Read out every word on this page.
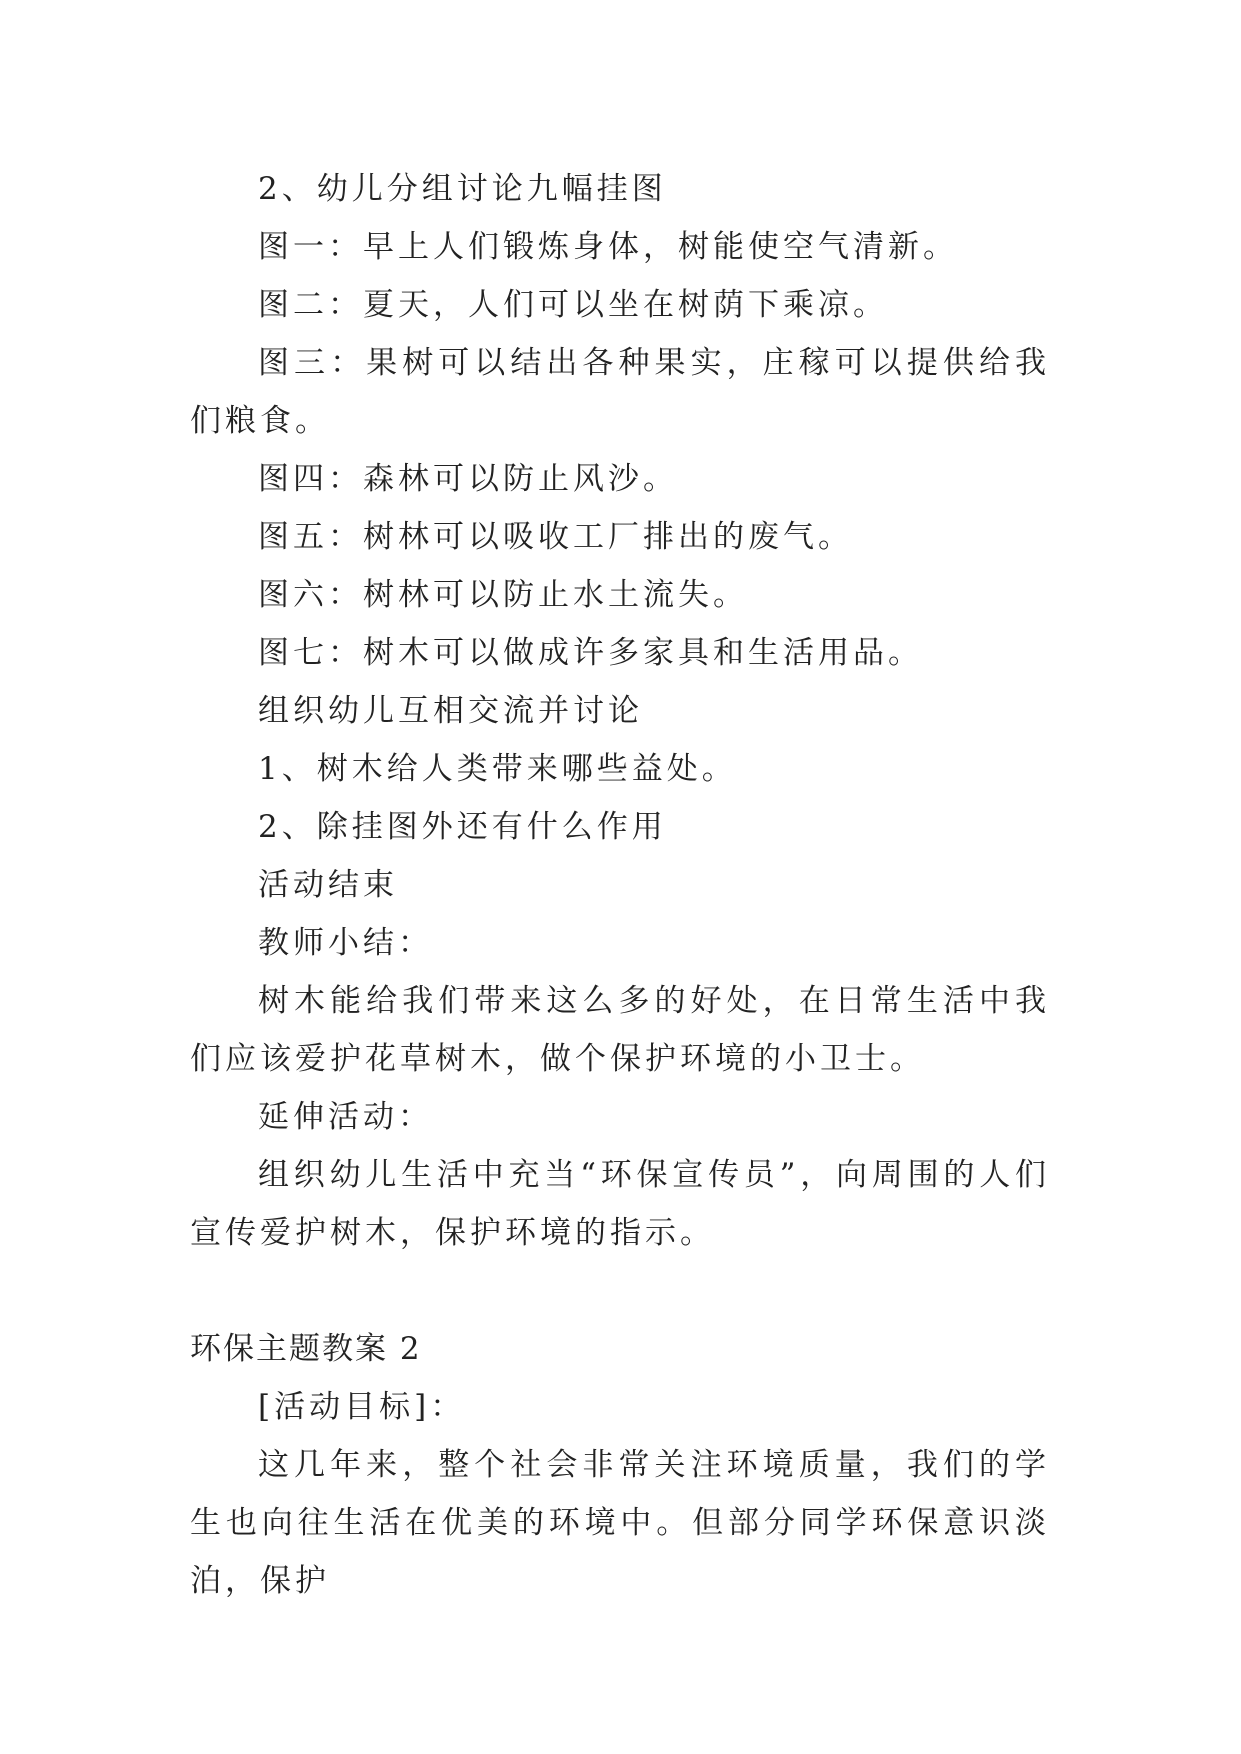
2、幼儿分组讨论九幅挂图

图一：早上人们锻炼身体，树能使空气清新。

图二：夏天，人们可以坐在树荫下乘凉。

图三：果树可以结出各种果实，庄稼可以提供给我们粮食。

图四：森林可以防止风沙。

图五：树林可以吸收工厂排出的废气。

图六：树林可以防止水土流失。

图七：树木可以做成许多家具和生活用品。

组织幼儿互相交流并讨论

1、树木给人类带来哪些益处。

2、除挂图外还有什么作用

活动结束

教师小结：

树木能给我们带来这么多的好处，在日常生活中我们应该爱护花草树木，做个保护环境的小卫士。

延伸活动：

组织幼儿生活中充当“环保宣传员”，向周围的人们宣传爱护树木，保护环境的指示。

环保主题教案 2

[活动目标]：

这几年来，整个社会非常关注环境质量，我们的学生也向往生活在优美的环境中。但部分同学环保意识淡泊，保护
